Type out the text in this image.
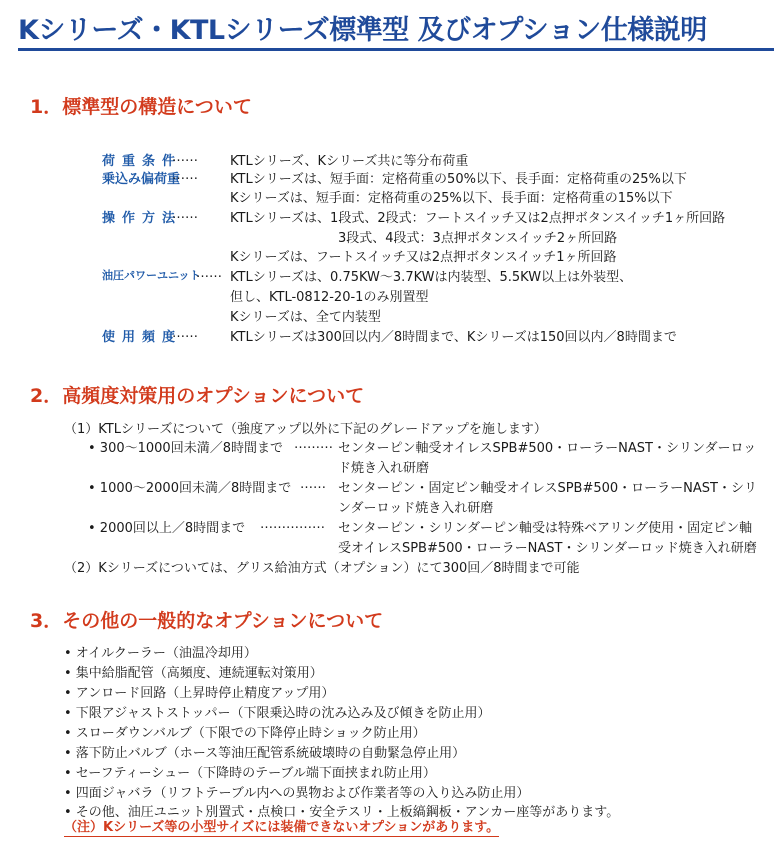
Kシリーズ・KTLシリーズ標準型 及びオプション仕様説明
1．標準型の構造について
荷重条件
…… KTLシリーズ、Kシリーズ共に等分布荷重
乗込み偏荷重
…… KTLシリーズは、短手面：定格荷重の50%以下、長手面：定格荷重の25%以下
Kシリーズは、短手面：定格荷重の25%以下、長手面：定格荷重の15%以下
操作方法
…… KTLシリーズは、1段式、2段式：フートスイッチ又は2点押ボタンスイッチ1ヶ所回路
3段式、4段式：3点押ボタンスイッチ2ヶ所回路
Kシリーズは、フートスイッチ又は2点押ボタンスイッチ1ヶ所回路
油圧パワーユニット
…… KTLシリーズは、0.75KW～3.7KWは内装型、5.5KW以上は外装型、
但し、KTL-0812-20-1のみ別置型
Kシリーズは、全て内装型
使用頻度
…… KTLシリーズは300回以内／8時間まで、Kシリーズは150回以内／8時間まで
2．高頻度対策用のオプションについて
（1）KTLシリーズについて（強度アップ以外に下記のグレードアップを施します）
• 300～1000回未満／8時間まで ……… センターピン軸受オイレスSPB#500・ローラーNAST・シリンダーロッ
ド焼き入れ研磨
• 1000～2000回未満／8時間まで …… センターピン・固定ピン軸受オイレスSPB#500・ローラーNAST・シリ
ンダーロッド焼き入れ研磨
• 2000回以上／8時間まで …………… センターピン・シリンダーピン軸受は特殊ベアリング使用・固定ピン軸
受オイレスSPB#500・ローラーNAST・シリンダーロッド焼き入れ研磨
（2）Kシリーズについては、グリス給油方式（オプション）にて300回／8時間まで可能
3．その他の一般的なオプションについて
• オイルクーラー（油温冷却用）
• 集中給脂配管（高頻度、連続運転対策用）
• アンロード回路（上昇時停止精度アップ用）
• 下限アジャストストッパー（下限乗込時の沈み込み及び傾きを防止用）
• スローダウンバルブ（下限での下降停止時ショック防止用）
• 落下防止バルブ（ホース等油圧配管系統破壊時の自動緊急停止用）
• セーフティーシュー（下降時のテーブル端下面挟まれ防止用）
• 四面ジャバラ（リフトテーブル内への異物および作業者等の入り込み防止用）
• その他、油圧ユニット別置式・点検口・安全テスリ・上板縞鋼板・アンカー座等があります。
（注）Kシリーズ等の小型サイズには装備できないオプションがあります。
